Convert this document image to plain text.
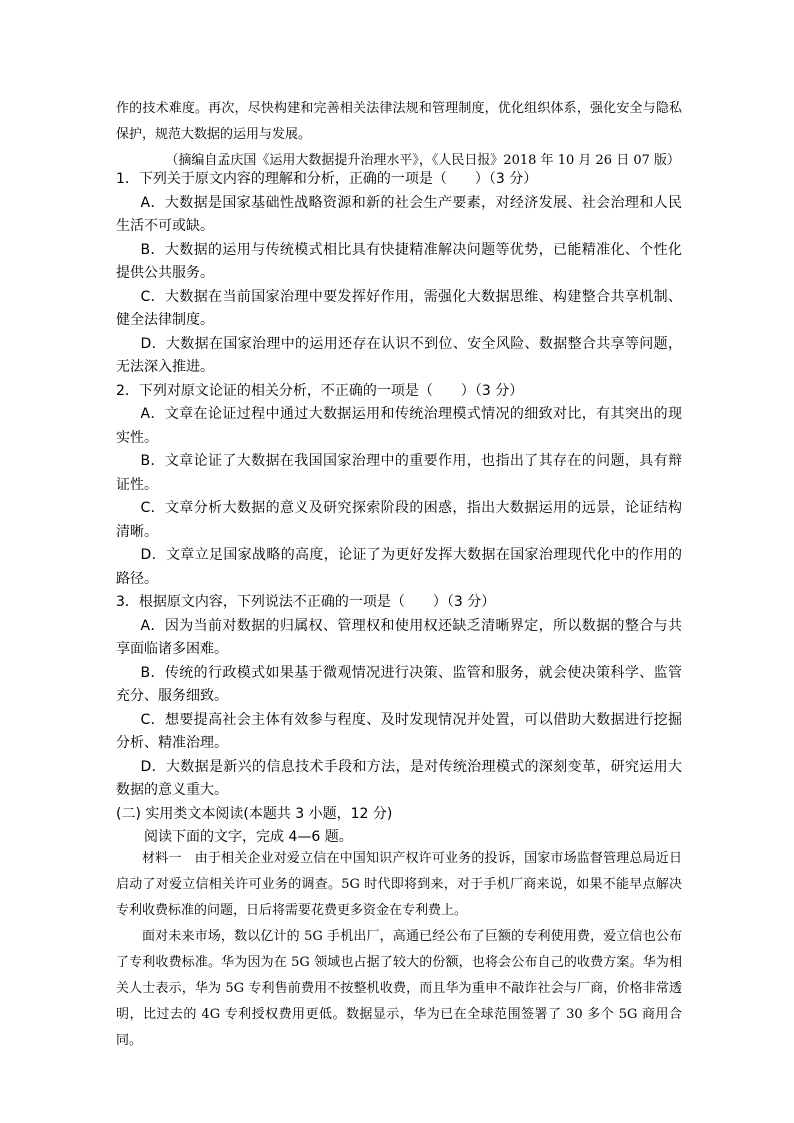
作的技术难度。再次，尽快构建和完善相关法律法规和管理制度，优化组织体系，强化安全与隐私保护，规范大数据的运用与发展。

（摘编自孟庆国《运用大数据提升治理水平》，《人民日报》2018 年 10 月 26 日 07 版）

1．下列关于原文内容的理解和分析，正确的一项是（　　）（3 分）

A．大数据是国家基础性战略资源和新的社会生产要素，对经济发展、社会治理和人民生活不可或缺。

B．大数据的运用与传统模式相比具有快捷精准解决问题等优势，已能精准化、个性化提供公共服务。

C．大数据在当前国家治理中要发挥好作用，需强化大数据思维、构建整合共享机制、健全法律制度。

D．大数据在国家治理中的运用还存在认识不到位、安全风险、数据整合共享等问题，无法深入推进。

2．下列对原文论证的相关分析，不正确的一项是（　　）（3 分）

A．文章在论证过程中通过大数据运用和传统治理模式情况的细致对比，有其突出的现实性。

B．文章论证了大数据在我国国家治理中的重要作用，也指出了其存在的问题，具有辩证性。

C．文章分析大数据的意义及研究探索阶段的困惑，指出大数据运用的远景，论证结构清晰。

D．文章立足国家战略的高度，论证了为更好发挥大数据在国家治理现代化中的作用的路径。

3．根据原文内容，下列说法不正确的一项是（　　）（3 分）

A．因为当前对数据的归属权、管理权和使用权还缺乏清晰界定，所以数据的整合与共享面临诸多困难。

B．传统的行政模式如果基于微观情况进行决策、监管和服务，就会使决策科学、监管充分、服务细致。

C．想要提高社会主体有效参与程度、及时发现情况并处置，可以借助大数据进行挖掘分析、精准治理。

D．大数据是新兴的信息技术手段和方法，是对传统治理模式的深刻变革，研究运用大数据的意义重大。

(二) 实用类文本阅读(本题共 3 小题，12 分)

阅读下面的文字，完成 4—6 题。

材料一　由于相关企业对爱立信在中国知识产权许可业务的投诉，国家市场监督管理总局近日启动了对爱立信相关许可业务的调查。5G 时代即将到来，对于手机厂商来说，如果不能早点解决专利收费标准的问题，日后将需要花费更多资金在专利费上。

面对未来市场，数以亿计的 5G 手机出厂，高通已经公布了巨额的专利使用费，爱立信也公布了专利收费标准。华为因为在 5G 领域也占据了较大的份额，也将会公布自己的收费方案。华为相关人士表示，华为 5G 专利售前费用不按整机收费，而且华为重申不敲诈社会与厂商，价格非常透明，比过去的 4G 专利授权费用更低。数据显示，华为已在全球范围签署了 30 多个 5G 商用合同。
